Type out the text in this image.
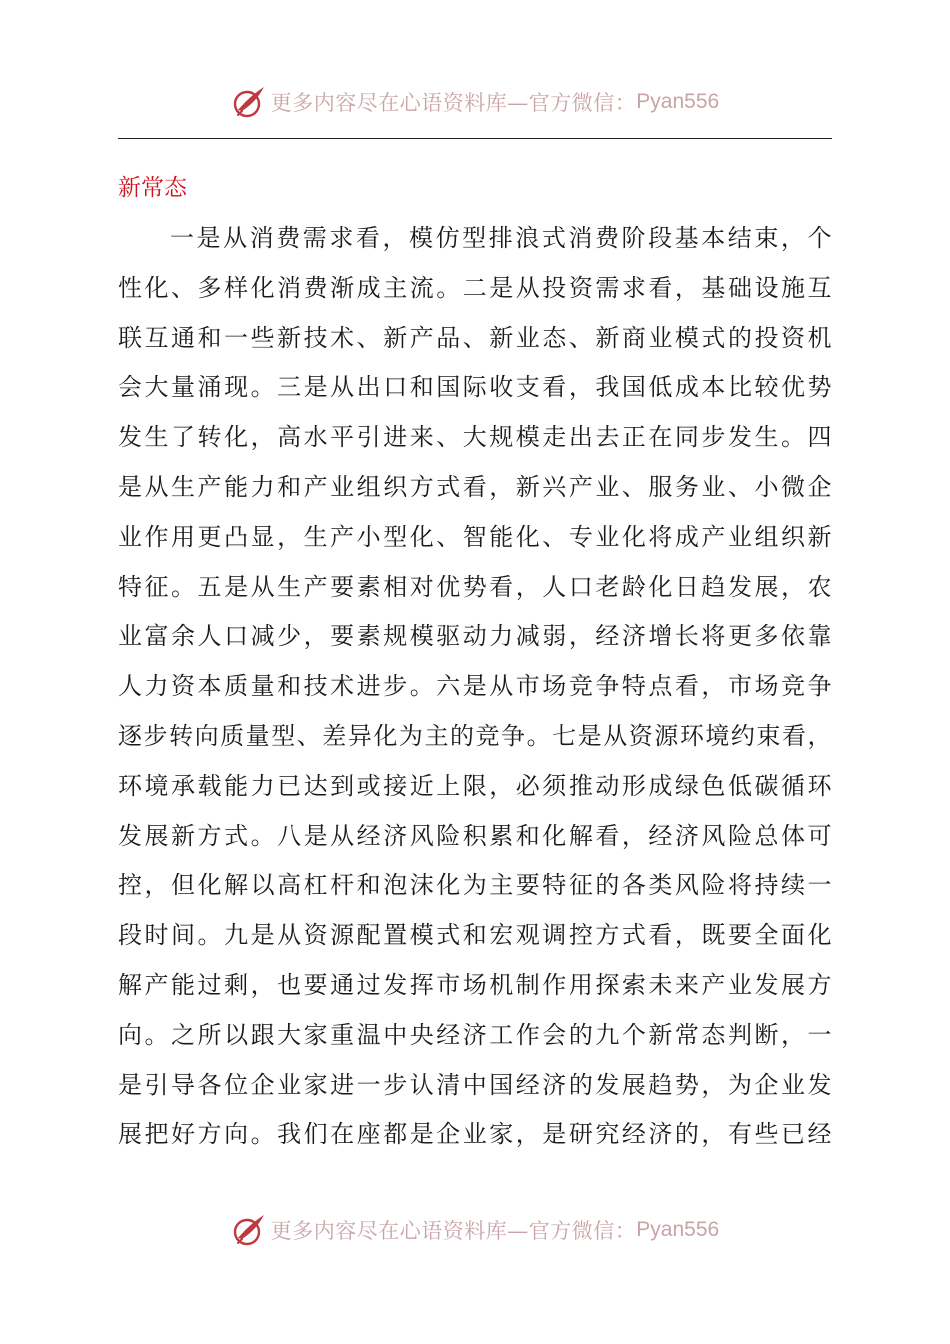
更多内容尽在心语资料库 —官方微信： Pyan556
新常态
一是从消费需求看，模仿型排浪式消费阶段基本结束，个
性化、多样化消费渐成主流。二是从投资需求看，基础设施互
联互通和一些新技术、新产品、新业态、新商业模式的投资机
会大量涌现。三是从出口和国际收支看，我国低成本比较优势
发生了转化，高水平引进来、大规模走出去正在同步发生。四
是从生产能力和产业组织方式看，新兴产业、服务业、小微企
业作用更凸显，生产小型化、智能化、专业化将成产业组织新
特征。五是从生产要素相对优势看，人口老龄化日趋发展，农
业富余人口减少，要素规模驱动力减弱，经济增长将更多依靠
人力资本质量和技术进步。六是从市场竞争特点看，市场竞争
逐步转向质量型、差异化为主的竞争。七是从资源环境约束看，
环境承载能力已达到或接近上限，必须推动形成绿色低碳循环
发展新方式。八是从经济风险积累和化解看，经济风险总体可
控，但化解以高杠杆和泡沫化为主要特征的各类风险将持续一
段时间。九是从资源配置模式和宏观调控方式看，既要全面化
解产能过剩，也要通过发挥市场机制作用探索未来产业发展方
向。之所以跟大家重温中央经济工作会的九个新常态判断，一
是引导各位企业家进一步认清中国经济的发展趋势，为企业发
展把好方向。我们在座都是企业家，是研究经济的，有些已经
更多内容尽在心语资料库 —官方微信： Pyan556
